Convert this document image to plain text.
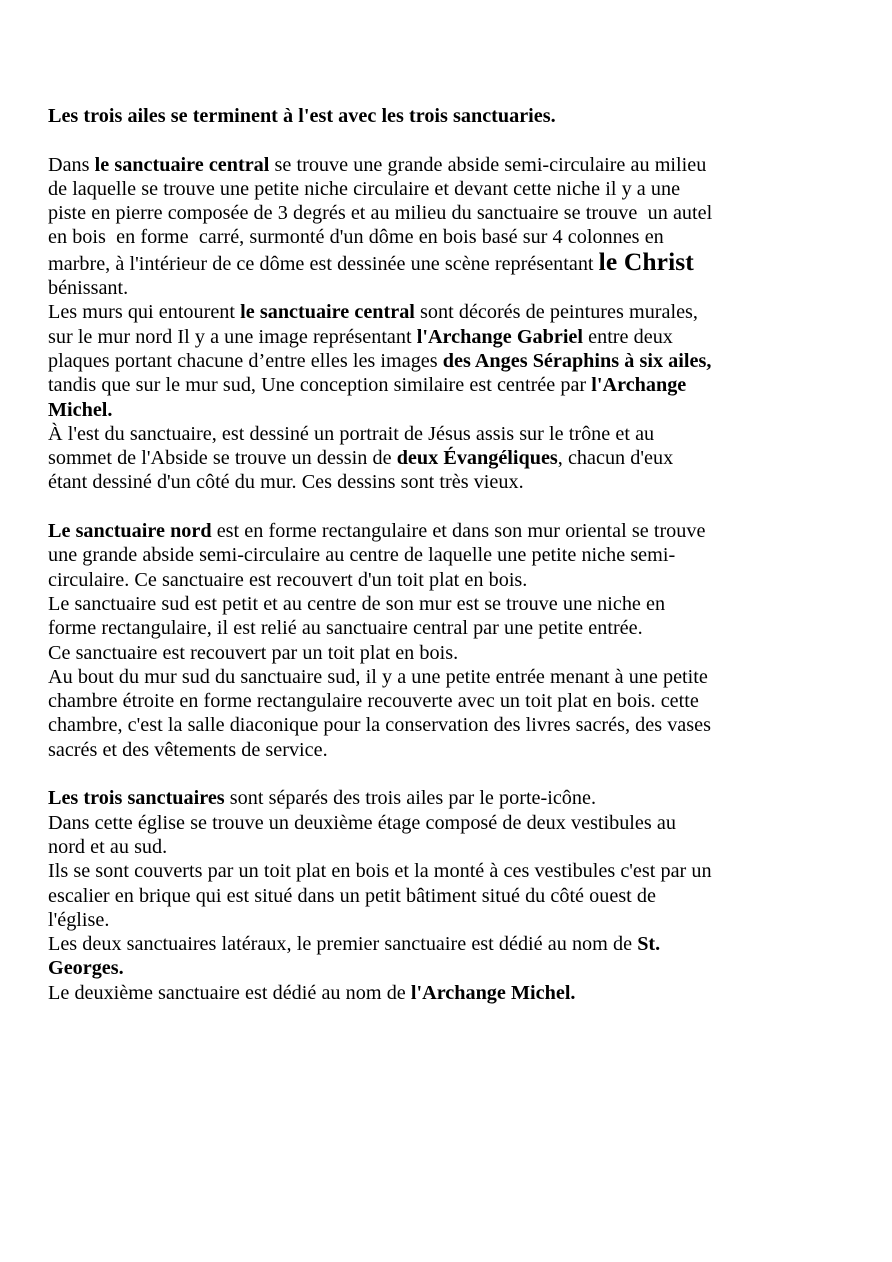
Les trois ailes se terminent à l'est avec les trois sanctuaries.
Dans le sanctuaire central se trouve une grande abside semi-circulaire au milieu
de laquelle se trouve une petite niche circulaire et devant cette niche il y a une
piste en pierre composée de 3 degrés et au milieu du sanctuaire se trouve  un autel
en bois  en forme  carré, surmonté d'un dôme en bois basé sur 4 colonnes en
marbre, à l'intérieur de ce dôme est dessinée une scène représentant le Christ
bénissant.
Les murs qui entourent le sanctuaire central sont décorés de peintures murales,
sur le mur nord Il y a une image représentant l'Archange Gabriel entre deux
plaques portant chacune d’entre elles les images des Anges Séraphins à six ailes,
tandis que sur le mur sud, Une conception similaire est centrée par l'Archange
Michel.
À l'est du sanctuaire, est dessiné un portrait de Jésus assis sur le trône et au
sommet de l'Abside se trouve un dessin de deux Évangéliques, chacun d'eux
étant dessiné d'un côté du mur. Ces dessins sont très vieux.
Le sanctuaire nord est en forme rectangulaire et dans son mur oriental se trouve
une grande abside semi-circulaire au centre de laquelle une petite niche semi-
circulaire. Ce sanctuaire est recouvert d'un toit plat en bois.
Le sanctuaire sud est petit et au centre de son mur est se trouve une niche en
forme rectangulaire, il est relié au sanctuaire central par une petite entrée.
Ce sanctuaire est recouvert par un toit plat en bois.
Au bout du mur sud du sanctuaire sud, il y a une petite entrée menant à une petite
chambre étroite en forme rectangulaire recouverte avec un toit plat en bois. cette
chambre, c'est la salle diaconique pour la conservation des livres sacrés, des vases
sacrés et des vêtements de service.
Les trois sanctuaires sont séparés des trois ailes par le porte-icône.
Dans cette église se trouve un deuxième étage composé de deux vestibules au
nord et au sud.
Ils se sont couverts par un toit plat en bois et la monté à ces vestibules c'est par un
escalier en brique qui est situé dans un petit bâtiment situé du côté ouest de
l'église.
Les deux sanctuaires latéraux, le premier sanctuaire est dédié au nom de St.
Georges.
Le deuxième sanctuaire est dédié au nom de l'Archange Michel.
